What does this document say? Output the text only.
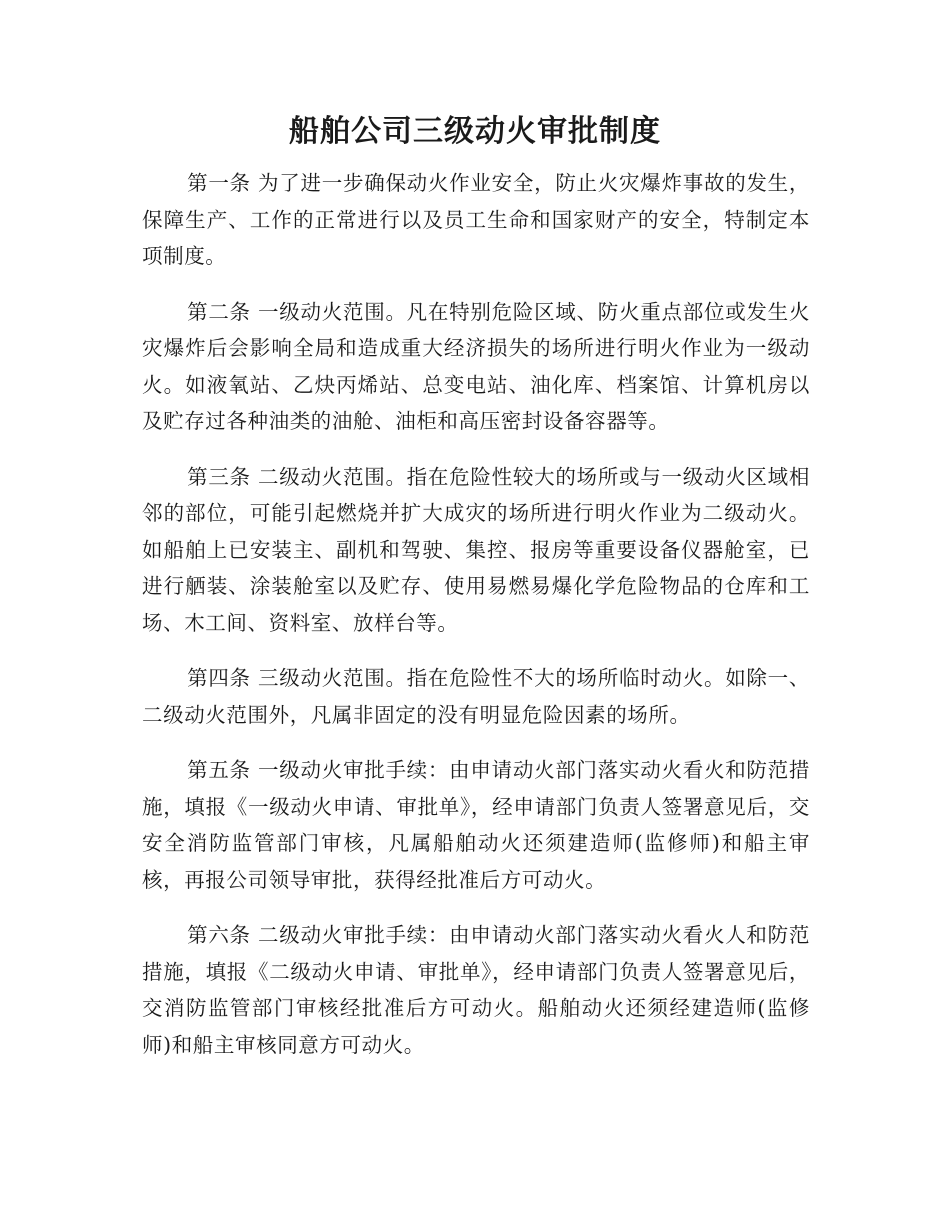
船舶公司三级动火审批制度

第一条 为了进一步确保动火作业安全，防止火灾爆炸事故的发生，保障生产、工作的正常进行以及员工生命和国家财产的安全，特制定本项制度。

第二条 一级动火范围。凡在特别危险区域、防火重点部位或发生火灾爆炸后会影响全局和造成重大经济损失的场所进行明火作业为一级动火。如液氧站、乙炔丙烯站、总变电站、油化库、档案馆、计算机房以及贮存过各种油类的油舱、油柜和高压密封设备容器等。

第三条 二级动火范围。指在危险性较大的场所或与一级动火区域相邻的部位，可能引起燃烧并扩大成灾的场所进行明火作业为二级动火。如船舶上已安装主、副机和驾驶、集控、报房等重要设备仪器舱室，已进行舾装、涂装舱室以及贮存、使用易燃易爆化学危险物品的仓库和工场、木工间、资料室、放样台等。

第四条 三级动火范围。指在危险性不大的场所临时动火。如除一、二级动火范围外，凡属非固定的没有明显危险因素的场所。

第五条 一级动火审批手续：由申请动火部门落实动火看火和防范措施，填报《一级动火申请、审批单》，经申请部门负责人签署意见后，交安全消防监管部门审核，凡属船舶动火还须建造师(监修师)和船主审核，再报公司领导审批，获得经批准后方可动火。

第六条 二级动火审批手续：由申请动火部门落实动火看火人和防范措施，填报《二级动火申请、审批单》，经申请部门负责人签署意见后，交消防监管部门审核经批准后方可动火。船舶动火还须经建造师(监修师)和船主审核同意方可动火。
